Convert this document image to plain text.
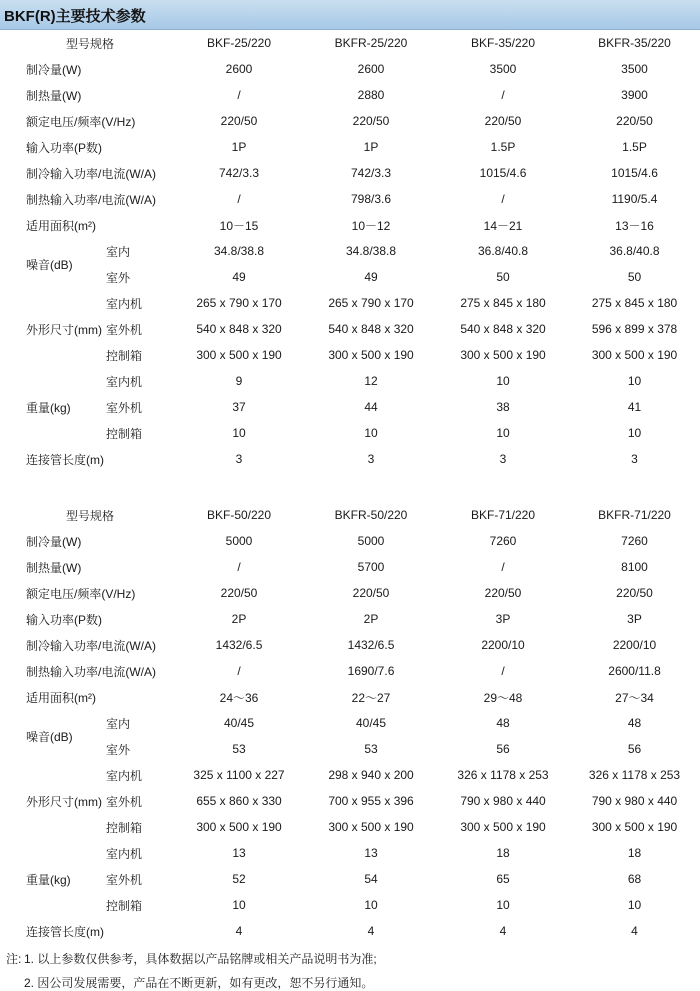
BKF(R)主要技术参数
型号规格		BKF-25/220	BKFR-25/220	BKF-35/220	BKFR-35/220
制冷量(W)		2600	2600	3500	3500
制热量(W)		/	2880	/	3900
额定电压/频率(V/Hz)		220/50	220/50	220/50	220/50
输入功率(P数)		1P	1P	1.5P	1.5P
制冷输入功率/电流(W/A)		742/3.3	742/3.3	1015/4.6	1015/4.6
制热输入功率/电流(W/A)		/	798/3.6	/	1190/5.4
适用面积(m²)		10－15	10－12	14－21	13－16
噪音(dB)	室内	34.8/38.8	34.8/38.8	36.8/40.8	36.8/40.8
	室外	49	49	50	50
外形尺寸(mm)	室内机	265 x 790 x 170	265 x 790 x 170	275 x 845 x 180	275 x 845 x 180
	室外机	540 x 848 x 320	540 x 848 x 320	540 x 848 x 320	596 x 899 x 378
	控制箱	300 x 500 x 190	300 x 500 x 190	300 x 500 x 190	300 x 500 x 190
重量(kg)	室内机	9	12	10	10
	室外机	37	44	38	41
	控制箱	10	10	10	10
连接管长度(m)		3	3	3	3
型号规格		BKF-50/220	BKFR-50/220	BKF-71/220	BKFR-71/220
制冷量(W)		5000	5000	7260	7260
制热量(W)		/	5700	/	8100
额定电压/频率(V/Hz)		220/50	220/50	220/50	220/50
输入功率(P数)		2P	2P	3P	3P
制冷输入功率/电流(W/A)		1432/6.5	1432/6.5	2200/10	2200/10
制热输入功率/电流(W/A)		/	1690/7.6	/	2600/11.8
适用面积(m²)		24～36	22～27	29～48	27～34
噪音(dB)	室内	40/45	40/45	48	48
	室外	53	53	56	56
外形尺寸(mm)	室内机	325 x 1100 x 227	298 x 940 x 200	326 x 1178 x 253	326 x 1178 x 253
	室外机	655 x 860 x 330	700 x 955 x 396	790 x 980 x 440	790 x 980 x 440
	控制箱	300 x 500 x 190	300 x 500 x 190	300 x 500 x 190	300 x 500 x 190
重量(kg)	室内机	13	13	18	18
	室外机	52	54	65	68
	控制箱	10	10	10	10
连接管长度(m)		4	4	4	4
注: 1. 以上参数仅供参考，具体数据以产品铭牌或相关产品说明书为准;
2. 因公司发展需要，产品在不断更新，如有更改，恕不另行通知。
